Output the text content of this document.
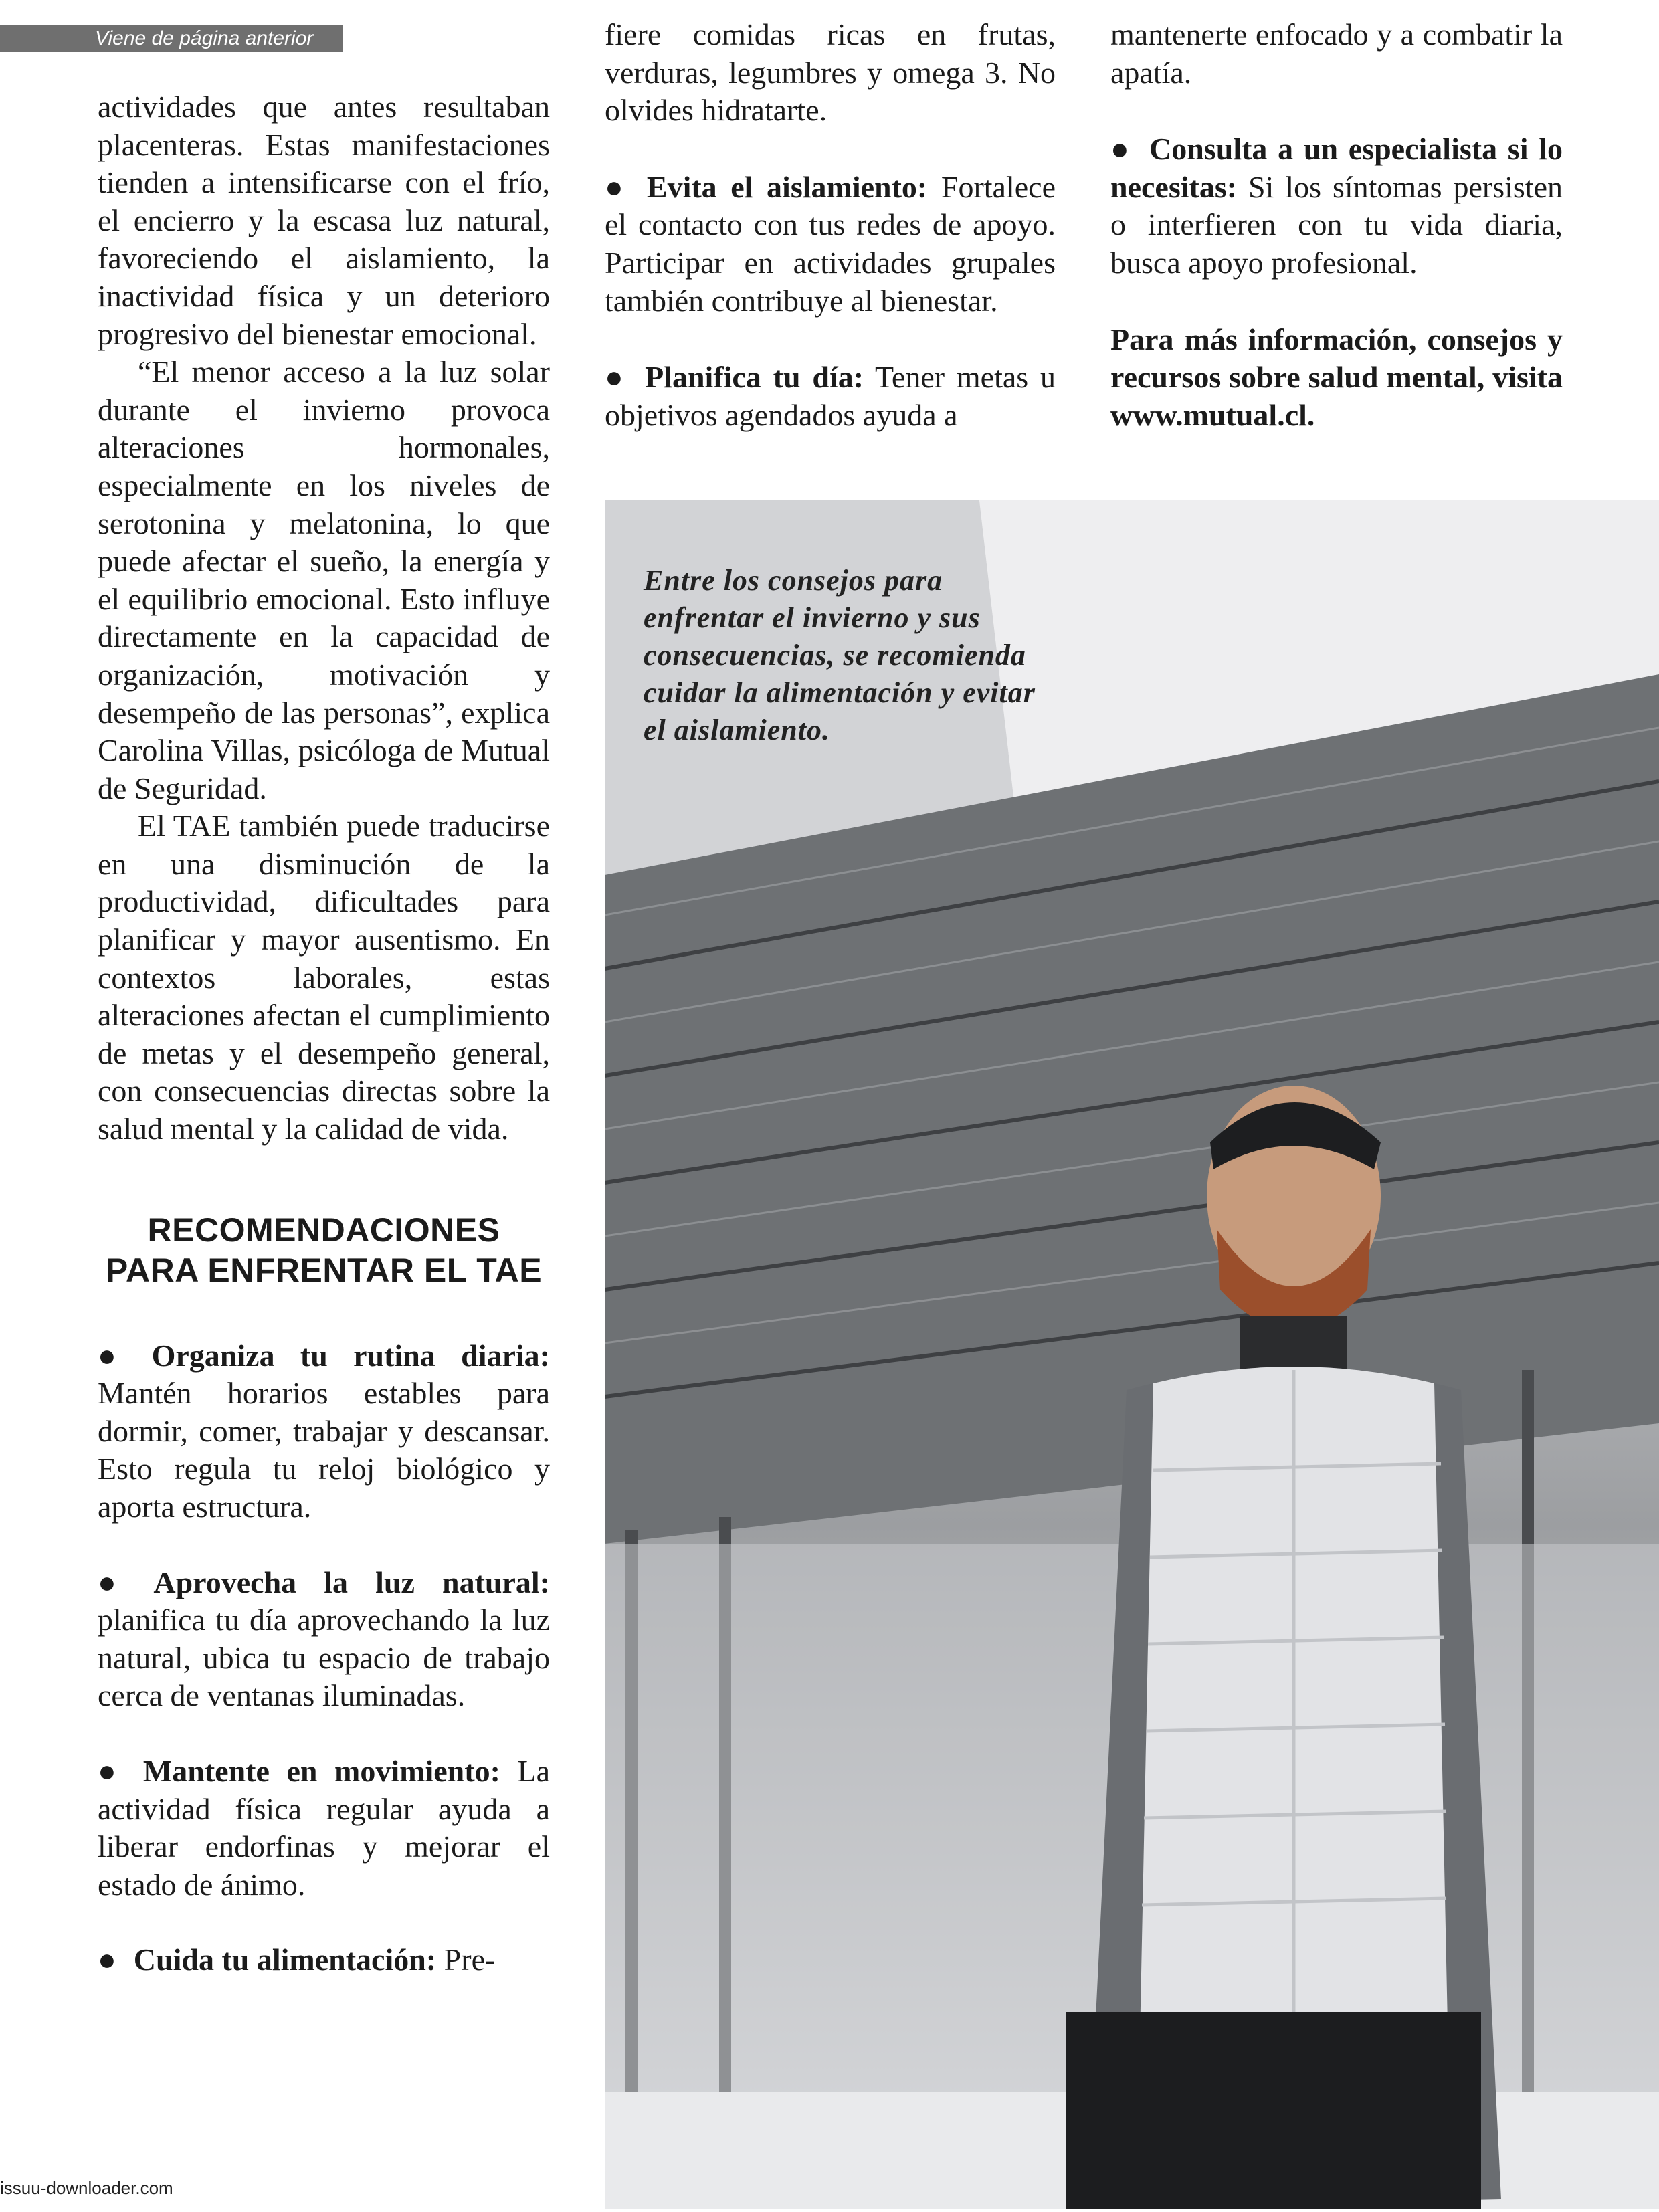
Viene de página anterior

actividades que antes resultaban placenteras. Estas manifestaciones tienden a intensificarse con el frío, el encierro y la escasa luz natural, favoreciendo el aislamiento, la inactividad física y un deterioro progresivo del bienestar emocional.

“El menor acceso a la luz solar durante el invierno provoca alteraciones hormonales, especialmente en los niveles de serotonina y melatonina, lo que puede afectar el sueño, la energía y el equilibrio emocional. Esto influye directamente en la capacidad de organización, motivación y desempeño de las personas”, explica Carolina Villas, psicóloga de Mutual de Seguridad.

El TAE también puede traducirse en una disminución de la productividad, dificultades para planificar y mayor ausentismo. En contextos laborales, estas alteraciones afectan el cumplimiento de metas y el desempeño general, con consecuencias directas sobre la salud mental y la calidad de vida.

RECOMENDACIONES
PARA ENFRENTAR EL TAE

● Organiza tu rutina diaria: Mantén horarios estables para dormir, comer, trabajar y descansar. Esto regula tu reloj biológico y aporta estructura.

● Aprovecha la luz natural: planifica tu día aprovechando la luz natural, ubica tu espacio de trabajo cerca de ventanas iluminadas.

● Mantente en movimiento: La actividad física regular ayuda a liberar endorfinas y mejorar el estado de ánimo.

● Cuida tu alimentación: Pre-

fiere comidas ricas en frutas, verduras, legumbres y omega 3. No olvides hidratarte.

● Evita el aislamiento: Fortalece el contacto con tus redes de apoyo. Participar en actividades grupales también contribuye al bienestar.

● Planifica tu día: Tener metas u objetivos agendados ayuda a

mantenerte enfocado y a combatir la apatía.

● Consulta a un especialista si lo necesitas: Si los síntomas persisten o interfieren con tu vida diaria, busca apoyo profesional.

Para más información, consejos y recursos sobre salud mental, visita www.mutual.cl.

Entre los consejos para enfrentar el invierno y sus consecuencias, se recomienda cuidar la alimentación y evitar el aislamiento.
issuu-downloader.com
